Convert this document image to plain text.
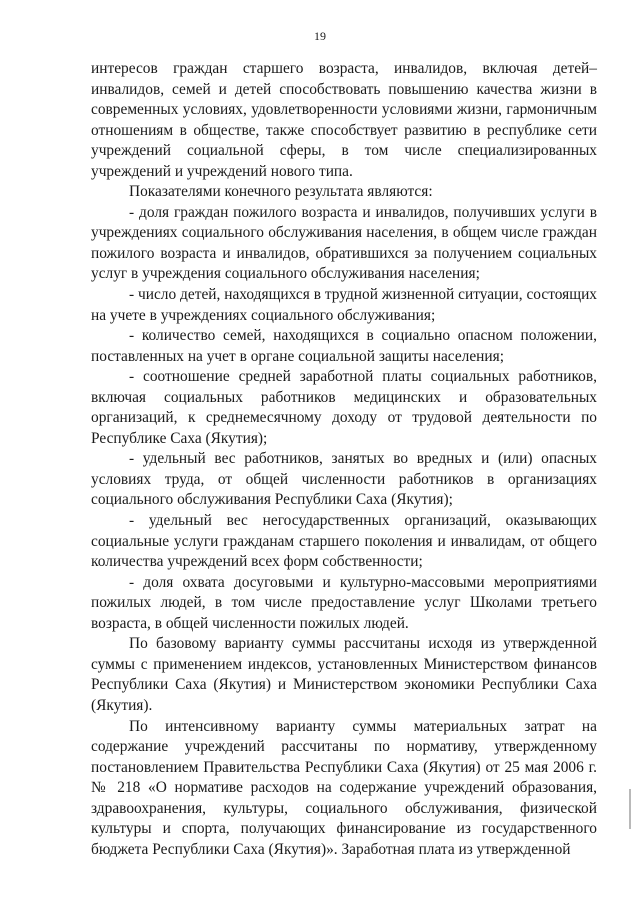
19

интересов граждан старшего возраста, инвалидов, включая детей–инвалидов, семей и детей способствовать повышению качества жизни в современных условиях, удовлетворенности условиями жизни, гармоничным отношениям в обществе, также способствует развитию в республике сети учреждений социальной сферы, в том числе специализированных учреждений и учреждений нового типа.

Показателями конечного результата являются:

- доля граждан пожилого возраста и инвалидов, получивших услуги в учреждениях социального обслуживания населения, в общем числе граждан пожилого возраста и инвалидов, обратившихся за получением социальных услуг в учреждения социального обслуживания населения;

- число детей, находящихся в трудной жизненной ситуации, состоящих на учете в учреждениях социального обслуживания;

- количество семей, находящихся в социально опасном положении, поставленных на учет в органе социальной защиты населения;

- соотношение средней заработной платы социальных работников, включая социальных работников медицинских и образовательных организаций, к среднемесячному доходу от трудовой деятельности по Республике Саха (Якутия);

- удельный вес работников, занятых во вредных и (или) опасных условиях труда, от общей численности работников в организациях социального обслуживания Республики Саха (Якутия);

- удельный вес негосударственных организаций, оказывающих социальные услуги гражданам старшего поколения и инвалидам, от общего количества учреждений всех форм собственности;

- доля охвата досуговыми и культурно-массовыми мероприятиями пожилых людей, в том числе предоставление услуг Школами третьего возраста, в общей численности пожилых людей.

По базовому варианту суммы рассчитаны исходя из утвержденной суммы с применением индексов, установленных Министерством финансов Республики Саха (Якутия) и Министерством экономики Республики Саха (Якутия).

По интенсивному варианту суммы материальных затрат на содержание учреждений рассчитаны по нормативу, утвержденному постановлением Правительства Республики Саха (Якутия) от 25 мая 2006 г. № 218 «О нормативе расходов на содержание учреждений образования, здравоохранения, культуры, социального обслуживания, физической культуры и спорта, получающих финансирование из государственного бюджета Республики Саха (Якутия)». Заработная плата из утвержденной
